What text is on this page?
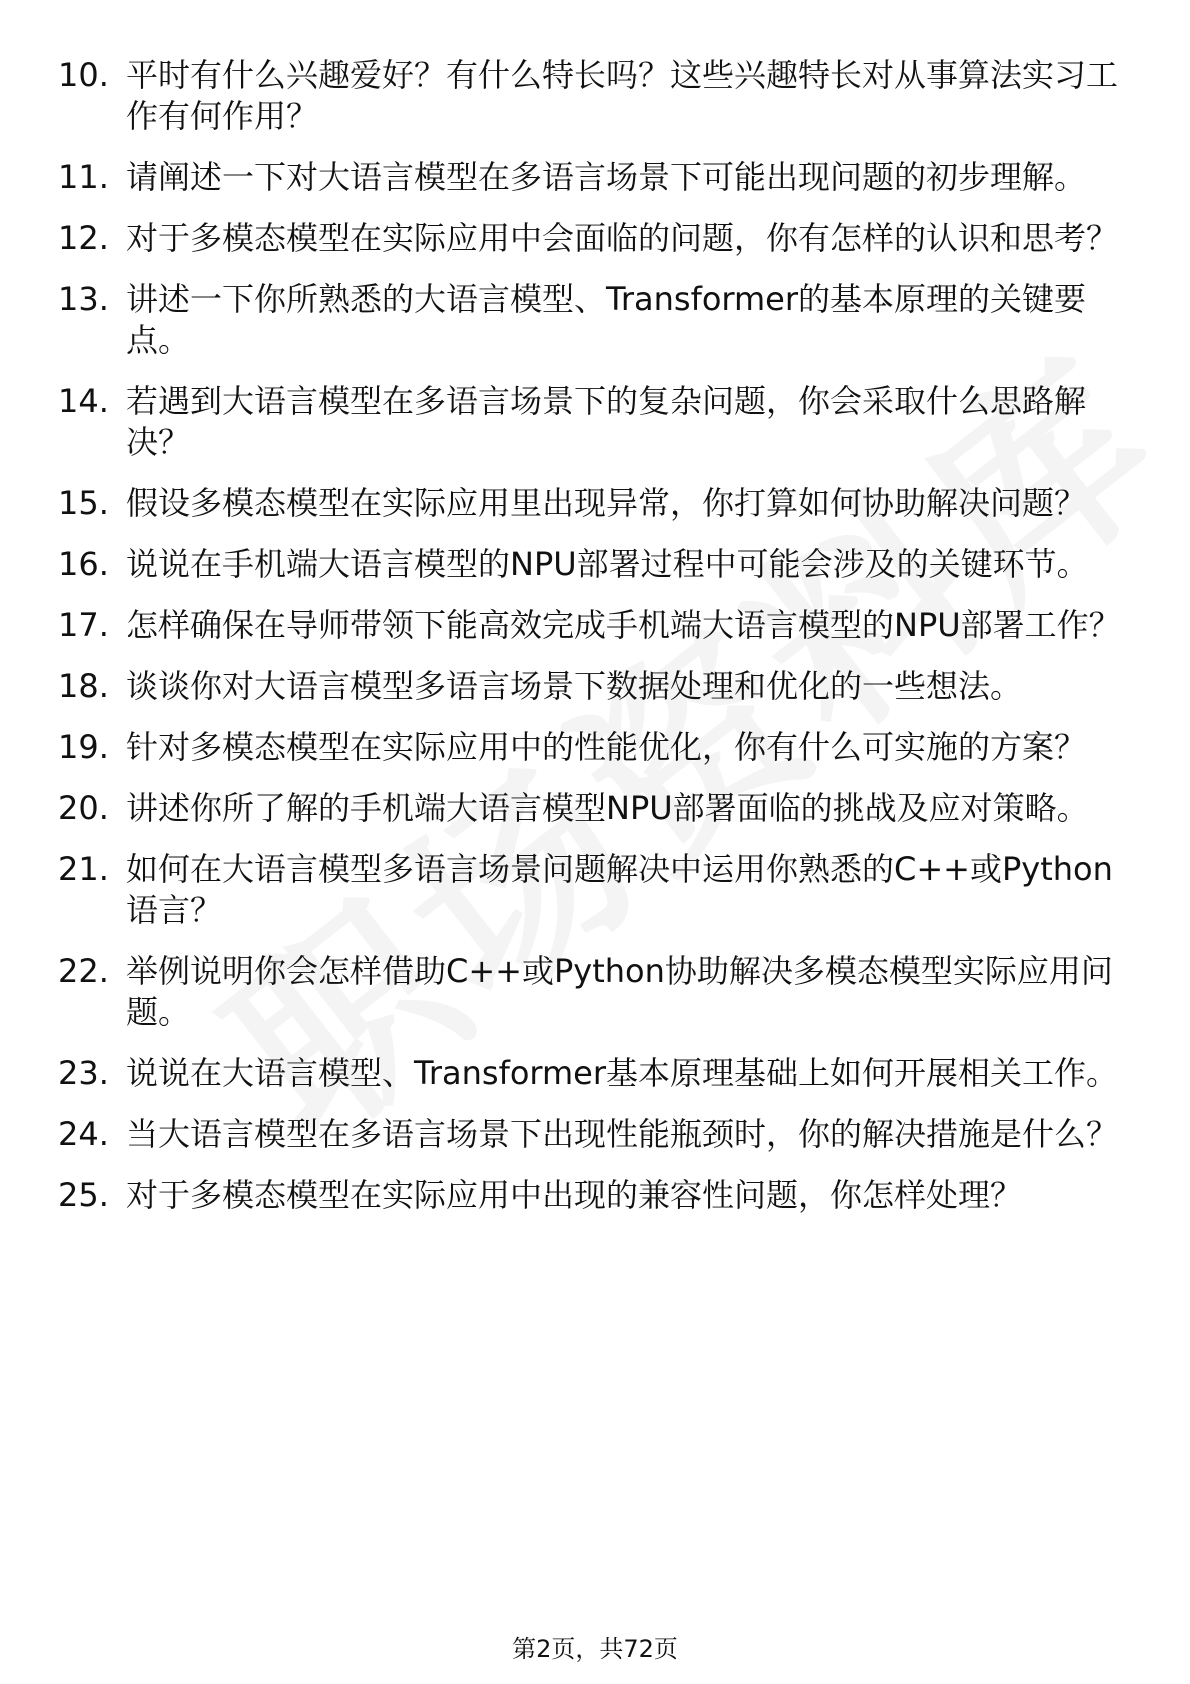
10. 平时有什么兴趣爱好？有什么特长吗？这些兴趣特长对从事算法实习工作有何作用？
11. 请阐述一下对大语言模型在多语言场景下可能出现问题的初步理解。
12. 对于多模态模型在实际应用中会面临的问题，你有怎样的认识和思考？
13. 讲述一下你所熟悉的大语言模型、Transformer的基本原理的关键要点。
14. 若遇到大语言模型在多语言场景下的复杂问题，你会采取什么思路解决？
15. 假设多模态模型在实际应用里出现异常，你打算如何协助解决问题？
16. 说说在手机端大语言模型的NPU部署过程中可能会涉及的关键环节。
17. 怎样确保在导师带领下能高效完成手机端大语言模型的NPU部署工作？
18. 谈谈你对大语言模型多语言场景下数据处理和优化的一些想法。
19. 针对多模态模型在实际应用中的性能优化，你有什么可实施的方案？
20. 讲述你所了解的手机端大语言模型NPU部署面临的挑战及应对策略。
21. 如何在大语言模型多语言场景问题解决中运用你熟悉的C++或Python语言？
22. 举例说明你会怎样借助C++或Python协助解决多模态模型实际应用问题。
23. 说说在大语言模型、Transformer基本原理基础上如何开展相关工作。
24. 当大语言模型在多语言场景下出现性能瓶颈时，你的解决措施是什么？
25. 对于多模态模型在实际应用中出现的兼容性问题，你怎样处理？
第2页，共72页
